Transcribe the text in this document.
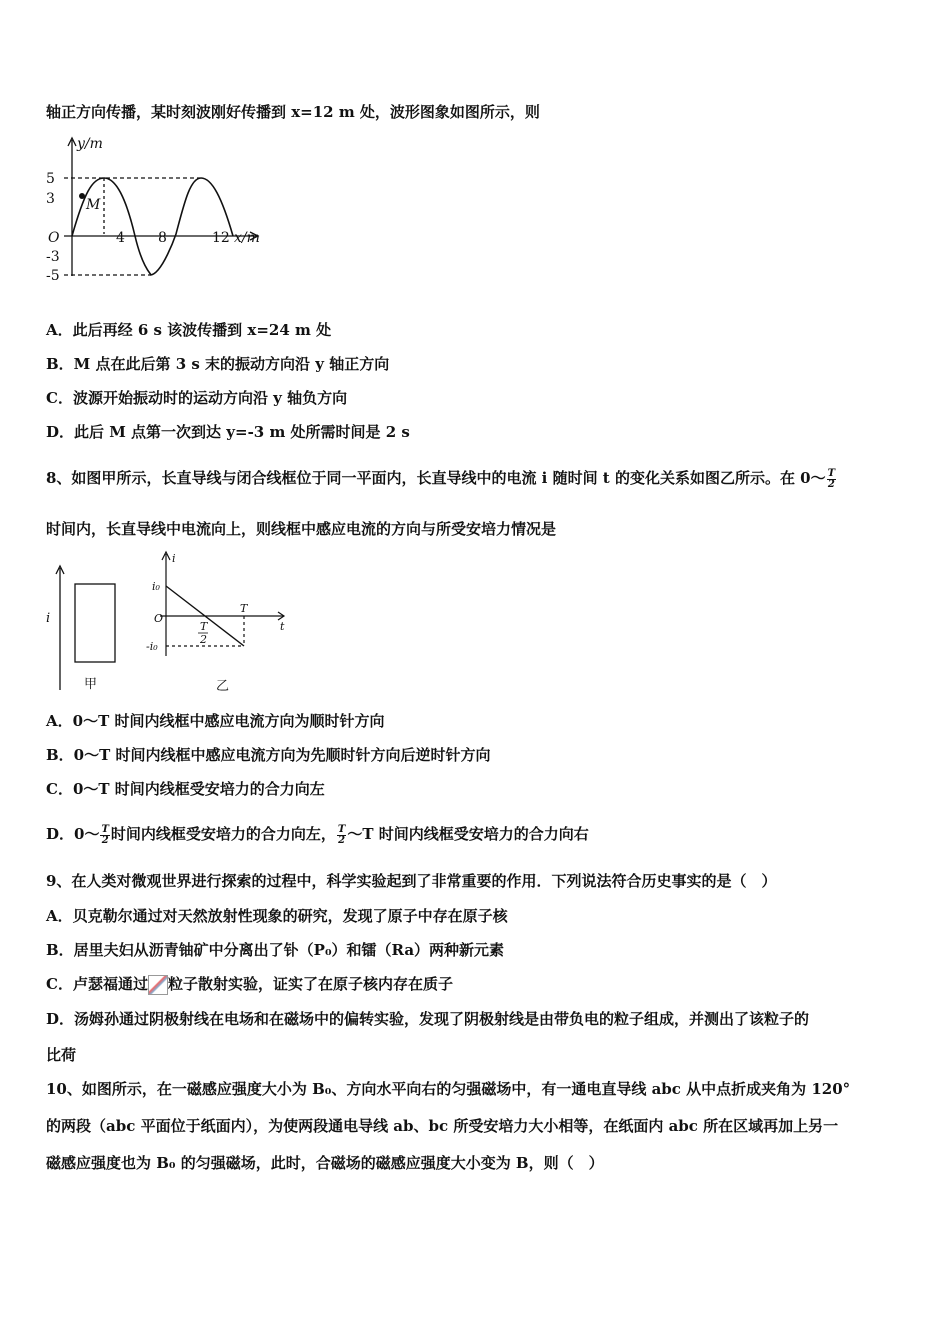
轴正方向传播，某时刻波刚好传播到 x=12 m 处，波形图象如图所示，则
y/m
5
3
O
-3
-5
M
4 8	12 x/m
A．此后再经 6 s 该波传播到 x=24 m 处
B．M 点在此后第 3 s 末的振动方向沿 y 轴正方向
C．波源开始振动时的运动方向沿 y 轴负方向
D．此后 M 点第一次到达 y=-3 m 处所需时间是 2 s
8、如图甲所示，长直导线与闭合线框位于同一平面内，长直导线中的电流 i 随时间 t 的变化关系如图乙所示。在 0～ $\frac{T}{2}$
时间内，长直导线中电流向上，则线框中感应电流的方向与所受安培力情况是
i
甲
i
i₀
O
-i₀
T
T
2
t
乙
A．0～T 时间内线框中感应电流方向为顺时针方向
B．0～T 时间内线框中感应电流方向为先顺时针方向后逆时针方向
C．0～T 时间内线框受安培力的合力向左
D．0～ $\frac{T}{2}$ 时间内线框受安培力的合力向左， $\frac{T}{2}$ ～T 时间内线框受安培力的合力向右
9、在人类对微观世界进行探索的过程中，科学实验起到了非常重要的作用．下列说法符合历史事实的是（　）
A．贝克勒尔通过对天然放射性现象的研究，发现了原子中存在原子核
B．居里夫妇从沥青铀矿中分离出了钋（P₀）和镭（Ra）两种新元素
C．卢瑟福通过 粒子散射实验，证实了在原子核内存在质子
D．汤姆孙通过阴极射线在电场和在磁场中的偏转实验，发现了阴极射线是由带负电的粒子组成，并测出了该粒子的
比荷
10、如图所示，在一磁感应强度大小为 B₀、方向水平向右的匀强磁场中，有一通电直导线 abc 从中点折成夹角为 120°
的两段（abc 平面位于纸面内），为使两段通电导线 ab、bc 所受安培力大小相等，在纸面内 abc 所在区域再加上另一
磁感应强度也为 B₀ 的匀强磁场，此时，合磁场的磁感应强度大小变为 B，则（　）
